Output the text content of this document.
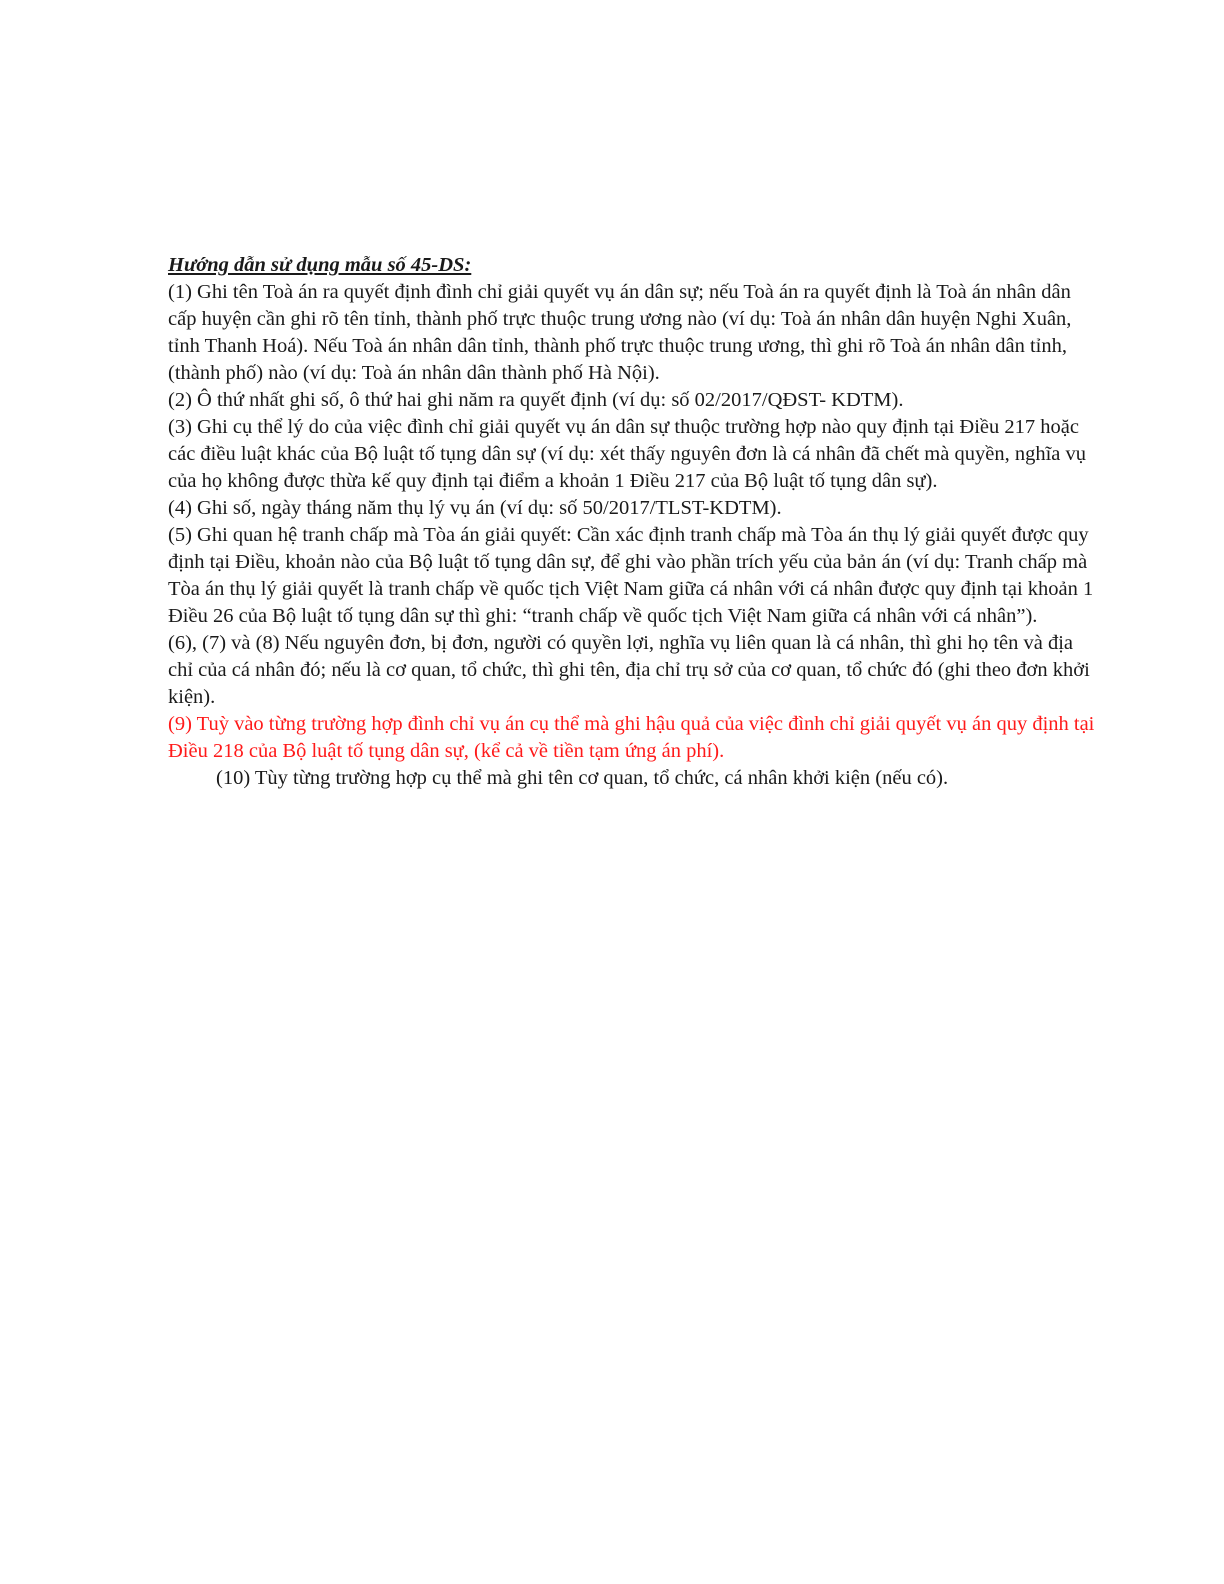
Hướng dẫn sử dụng mẫu số 45-DS:

(1) Ghi tên Toà án ra quyết định đình chỉ giải quyết vụ án dân sự; nếu Toà án ra quyết định là Toà án nhân dân cấp huyện cần ghi rõ tên tỉnh, thành phố trực thuộc trung ương nào (ví dụ: Toà án nhân dân huyện Nghi Xuân, tỉnh Thanh Hoá). Nếu Toà án nhân dân tỉnh, thành phố trực thuộc trung ương, thì ghi rõ Toà án nhân dân tỉnh, (thành phố) nào (ví dụ: Toà án nhân dân thành phố Hà Nội).

(2) Ô thứ nhất ghi số, ô thứ hai ghi năm ra quyết định (ví dụ: số 02/2017/QĐST- KDTM).

(3) Ghi cụ thể lý do của việc đình chỉ giải quyết vụ án dân sự thuộc trường hợp nào quy định tại Điều 217 hoặc các điều luật khác của Bộ luật tố tụng dân sự (ví dụ: xét thấy nguyên đơn là cá nhân đã chết mà quyền, nghĩa vụ của họ không được thừa kế quy định tại điểm a khoản 1 Điều 217 của Bộ luật tố tụng dân sự).

(4) Ghi số, ngày tháng năm thụ lý vụ án (ví dụ: số 50/2017/TLST-KDTM).

(5) Ghi quan hệ tranh chấp mà Tòa án giải quyết: Cần xác định tranh chấp mà Tòa án thụ lý giải quyết được quy định tại Điều, khoản nào của Bộ luật tố tụng dân sự, để ghi vào phần trích yếu của bản án (ví dụ: Tranh chấp mà Tòa án thụ lý giải quyết là tranh chấp về quốc tịch Việt Nam giữa cá nhân với cá nhân được quy định tại khoản 1 Điều 26 của Bộ luật tố tụng dân sự thì ghi: “tranh chấp về quốc tịch Việt Nam giữa cá nhân với cá nhân”).

(6), (7) và (8) Nếu nguyên đơn, bị đơn, người có quyền lợi, nghĩa vụ liên quan là cá nhân, thì ghi họ tên và địa chỉ của cá nhân đó; nếu là cơ quan, tổ chức, thì ghi tên, địa chỉ trụ sở của cơ quan, tổ chức đó (ghi theo đơn khởi kiện).

(9) Tuỳ vào từng trường hợp đình chỉ vụ án cụ thể mà ghi hậu quả của việc đình chỉ giải quyết vụ án quy định tại Điều 218 của Bộ luật tố tụng dân sự, (kể cả về tiền tạm ứng án phí).

(10) Tùy từng trường hợp cụ thể mà ghi tên cơ quan, tổ chức, cá nhân khởi kiện (nếu có).
